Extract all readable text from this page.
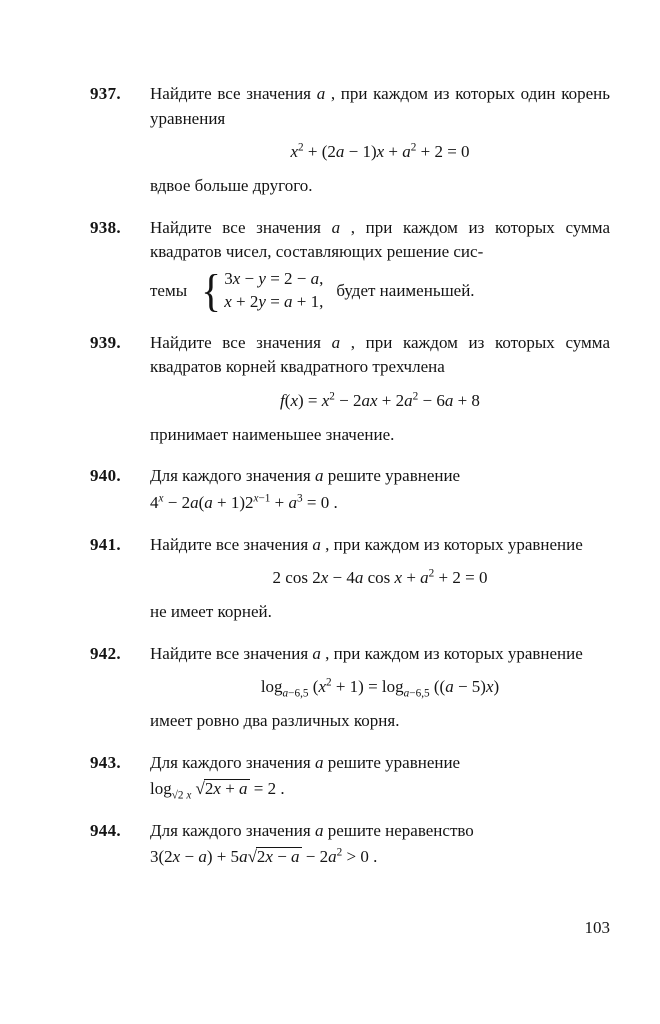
937.	Найдите все значения a , при каждом из которых один корень уравнения

$x^2 + (2a - 1)x + a^2 + 2 = 0$

вдвое больше другого.

938.	Найдите все значения a , при каждом из которых сумма квадратов чисел, составляющих решение сис-

темы { 3x − y = 2 − a,
x + 2y = a + 1,
будет наименьшей.
939.	Найдите все значения a , при каждом из которых сумма квадратов корней квадратного трехчлена

$f(x) = x^2 - 2ax + 2a^2 - 6a + 8$

принимает наименьшее значение.

940.	Для каждого значения a решите уравнение

$4^x - 2a(a + 1)2^{x-1} + a^3 = 0$ .

941.	Найдите все значения a , при каждом из которых уравнение

2 cos 2x − 4a $\cos x + a^2 + 2 = 0$

не имеет корней.

942.	Найдите все значения a , при каждом из которых уравнение

$\log_{a-6,5} (x^2 + 1) = \log_{a-6,5} ((a - 5)x)$

имеет ровно два различных корня.

943.	Для каждого значения a решите уравнение

$\log_{√2 x} √2x + a = 2$ .

944.	Для каждого значения a решите неравенство

$3(2x - a) + 5a√2x - a - 2a^2 > 0$ .

103
